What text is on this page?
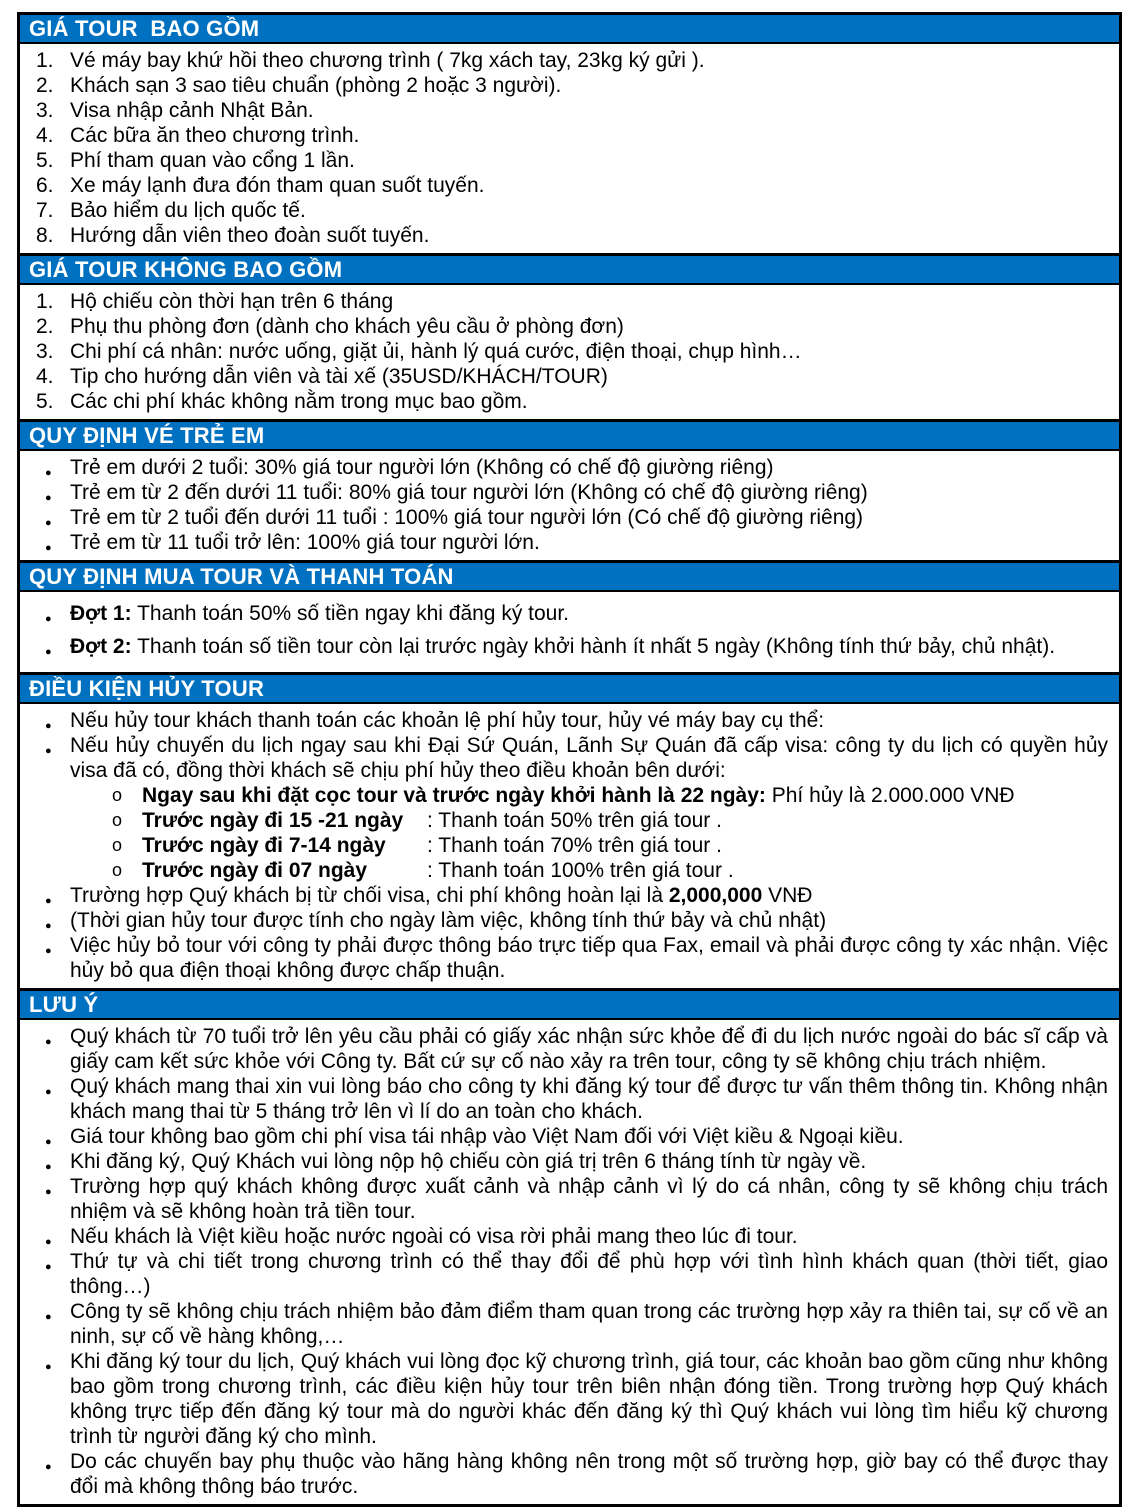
GIÁ TOUR  BAO GỒM
1. Vé máy bay khứ hồi theo chương trình ( 7kg xách tay, 23kg ký gửi ).
2. Khách sạn 3 sao tiêu chuẩn (phòng 2 hoặc 3 người).
3. Visa nhập cảnh Nhật Bản.
4. Các bữa ăn theo chương trình.
5. Phí tham quan vào cổng 1 lần.
6. Xe máy lạnh đưa đón tham quan suốt tuyến.
7. Bảo hiểm du lịch quốc tế.
8. Hướng dẫn viên theo đoàn suốt tuyến.
GIÁ TOUR KHÔNG BAO GỒM
1. Hộ chiếu còn thời hạn trên 6 tháng
2. Phụ thu phòng đơn (dành cho khách yêu cầu ở phòng đơn)
3. Chi phí cá nhân: nước uống, giặt ủi, hành lý quá cước, điện thoại, chụp hình…
4. Tip cho hướng dẫn viên và tài xế (35USD/KHÁCH/TOUR)
5. Các chi phí khác không nằm trong mục bao gồm.
QUY ĐỊNH VÉ TRẺ EM
● Trẻ em dưới 2 tuổi: 30% giá tour người lớn (Không có chế độ giường riêng)
● Trẻ em từ 2 đến dưới 11 tuổi: 80% giá tour người lớn (Không có chế độ giường riêng)
● Trẻ em từ 2 tuổi đến dưới 11 tuổi : 100% giá tour người lớn (Có chế độ giường riêng)
● Trẻ em từ 11 tuổi trở lên: 100% giá tour người lớn.
QUY ĐỊNH MUA TOUR VÀ THANH TOÁN
● Đợt 1: Thanh toán 50% số tiền ngay khi đăng ký tour.
● Đợt 2: Thanh toán số tiền tour còn lại trước ngày khởi hành ít nhất 5 ngày (Không tính thứ bảy, chủ nhật).
ĐIỀU KIỆN HỦY TOUR
● Nếu hủy tour khách thanh toán các khoản lệ phí hủy tour, hủy vé máy bay cụ thể:
● Nếu hủy chuyến du lịch ngay sau khi Đại Sứ Quán, Lãnh Sự Quán đã cấp visa: công ty du lịch có quyền hủy visa đã có, đồng thời khách sẽ chịu phí hủy theo điều khoản bên dưới:
o Ngay sau khi đặt cọc tour và trước ngày khởi hành là 22 ngày: Phí hủy là 2.000.000 VNĐ
o Trước ngày đi 15 -21 ngày : Thanh toán 50% trên giá tour .
o Trước ngày đi 7-14 ngày : Thanh toán 70% trên giá tour .
o Trước ngày đi 07 ngày	: Thanh toán 100% trên giá tour .
● Trường hợp Quý khách bị từ chối visa, chi phí không hoàn lại là 2,000,000 VNĐ
● (Thời gian hủy tour được tính cho ngày làm việc, không tính thứ bảy và chủ nhật)
● Việc hủy bỏ tour với công ty phải được thông báo trực tiếp qua Fax, email và phải được công ty xác nhận. Việc hủy bỏ qua điện thoại không được chấp thuận.
LƯU Ý
● Quý khách từ 70 tuổi trở lên yêu cầu phải có giấy xác nhận sức khỏe để đi du lịch nước ngoài do bác sĩ cấp và giấy cam kết sức khỏe với Công ty. Bất cứ sự cố nào xảy ra trên tour, công ty sẽ không chịu trách nhiệm.
● Quý khách mang thai xin vui lòng báo cho công ty khi đăng ký tour để được tư vấn thêm thông tin. Không nhận khách mang thai từ 5 tháng trở lên vì lí do an toàn cho khách.
● Giá tour không bao gồm chi phí visa tái nhập vào Việt Nam đối với Việt kiều & Ngoại kiều.
● Khi đăng ký, Quý Khách vui lòng nộp hộ chiếu còn giá trị trên 6 tháng tính từ ngày về.
● Trường hợp quý khách không được xuất cảnh và nhập cảnh vì lý do cá nhân, công ty sẽ không chịu trách nhiệm và sẽ không hoàn trả tiền tour.
● Nếu khách là Việt kiều hoặc nước ngoài có visa rời phải mang theo lúc đi tour.
● Thứ tự và chi tiết trong chương trình có thể thay đổi để phù hợp với tình hình khách quan (thời tiết, giao thông…)
● Công ty sẽ không chịu trách nhiệm bảo đảm điểm tham quan trong các trường hợp xảy ra thiên tai, sự cố về an ninh, sự cố về hàng không,…
● Khi đăng ký tour du lịch, Quý khách vui lòng đọc kỹ chương trình, giá tour, các khoản bao gồm cũng như không bao gồm trong chương trình, các điều kiện hủy tour trên biên nhận đóng tiền. Trong trường hợp Quý khách không trực tiếp đến đăng ký tour mà do người khác đến đăng ký thì Quý khách vui lòng tìm hiểu kỹ chương trình từ người đăng ký cho mình.
● Do các chuyến bay phụ thuộc vào hãng hàng không nên trong một số trường hợp, giờ bay có thể được thay đổi mà không thông báo trước.
